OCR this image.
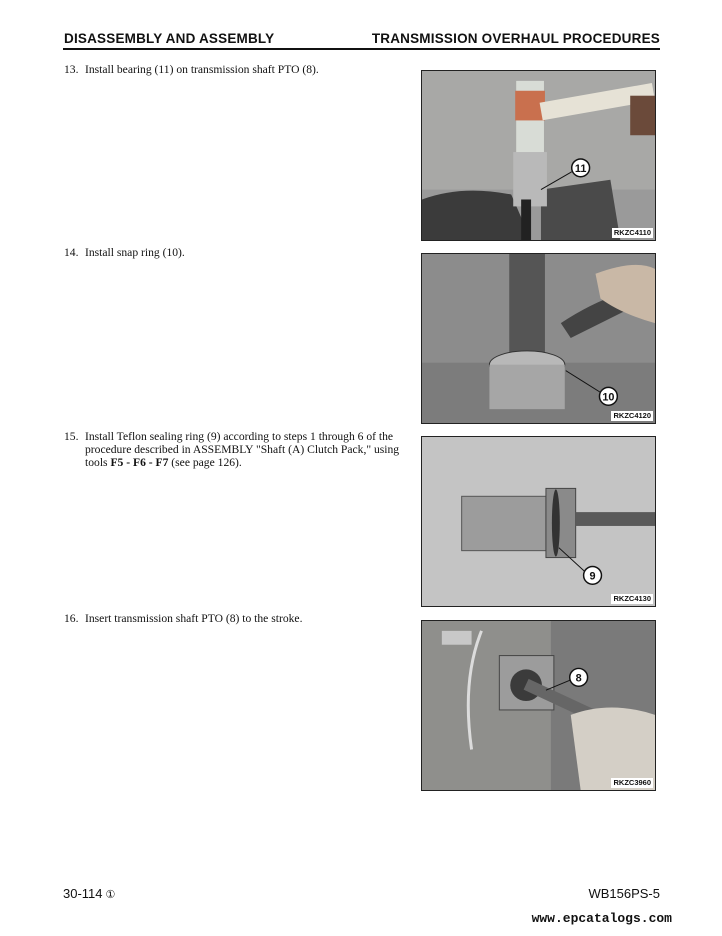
DISASSEMBLY AND ASSEMBLY	TRANSMISSION OVERHAUL PROCEDURES
13. Install bearing (11) on transmission shaft PTO (8).
14. Install snap ring (10).
15. Install Teflon sealing ring (9) according to steps 1 through 6 of the procedure described in ASSEMBLY "Shaft (A) Clutch Pack," using tools F5 - F6 - F7 (see page 126).
16. Insert transmission shaft PTO (8) to the stroke.
11
RKZC4110
10
RKZC4120
9
RKZC4130
8
RKZC3960
30-114 ①	WB156PS-5
www.epcatalogs.com
